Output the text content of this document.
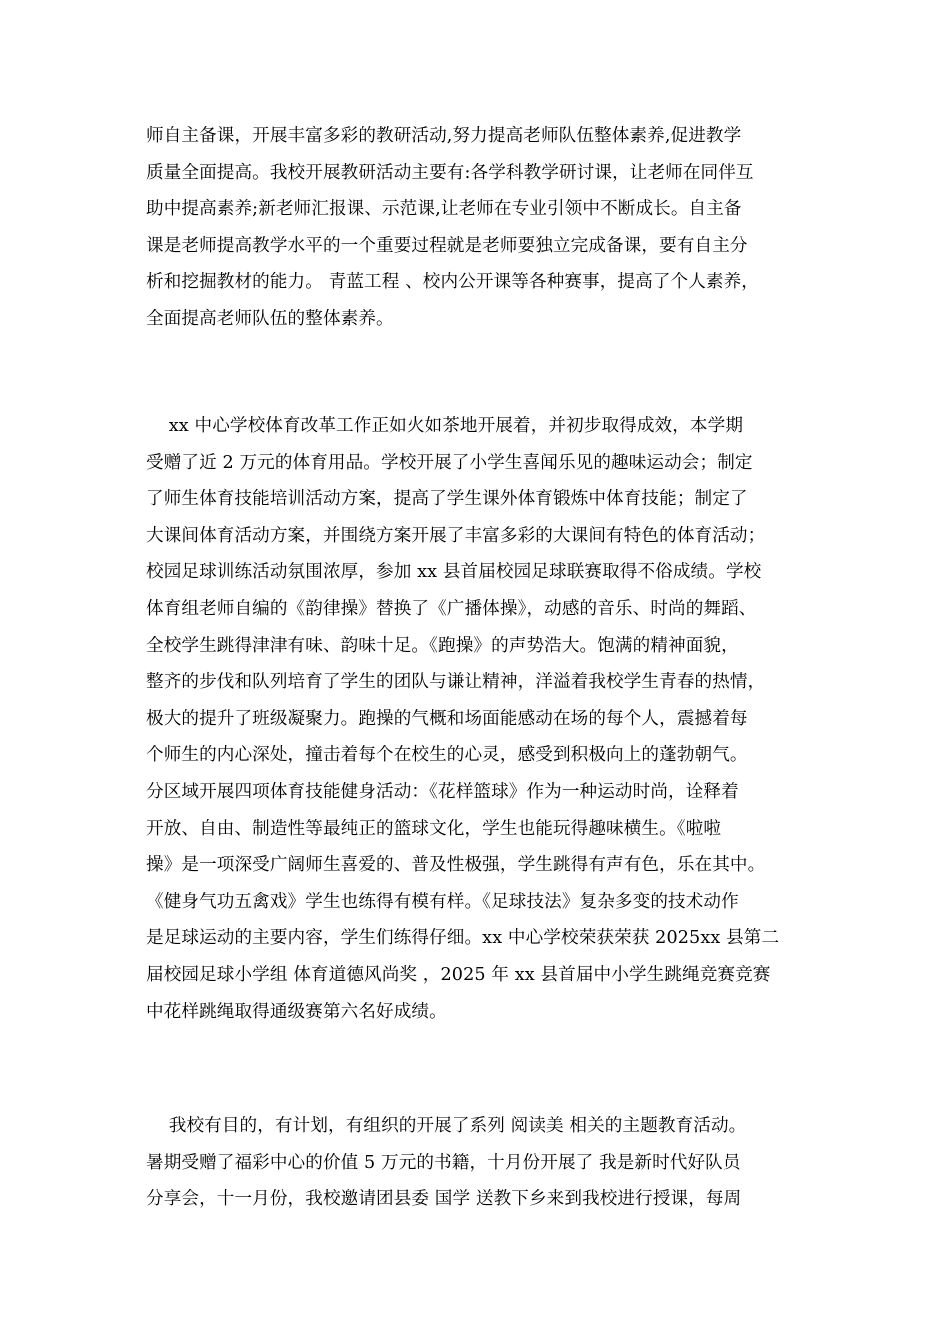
师自主备课，开展丰富多彩的教研活动,努力提高老师队伍整体素养,促进教学
质量全面提高。我校开展教研活动主要有:各学科教学研讨课，让老师在同伴互
助中提高素养;新老师汇报课、示范课,让老师在专业引领中不断成长。自主备
课是老师提高教学水平的一个重要过程就是老师要独立完成备课，要有自主分
析和挖掘教材的能力。 青蓝工程 、校内公开课等各种赛事，提高了个人素养，
全面提高老师队伍的整体素养。

xx 中心学校体育改革工作正如火如茶地开展着，并初步取得成效，本学期
受赠了近 2 万元的体育用品。学校开展了小学生喜闻乐见的趣味运动会；制定
了师生体育技能培训活动方案，提高了学生课外体育锻炼中体育技能；制定了
大课间体育活动方案，并围绕方案开展了丰富多彩的大课间有特色的体育活动；
校园足球训练活动氛围浓厚，参加 xx 县首届校园足球联赛取得不俗成绩。学校
体育组老师自编的《韵律操》替换了《广播体操》，动感的音乐、时尚的舞蹈、
全校学生跳得津津有味、韵味十足。《跑操》的声势浩大。饱满的精神面貌，
整齐的步伐和队列培育了学生的团队与谦让精神，洋溢着我校学生青春的热情，
极大的提升了班级凝聚力。跑操的气概和场面能感动在场的每个人，震撼着每
个师生的内心深处，撞击着每个在校生的心灵，感受到积极向上的蓬勃朝气。
分区域开展四项体育技能健身活动：《花样篮球》作为一种运动时尚，诠释着
开放、自由、制造性等最纯正的篮球文化，学生也能玩得趣味横生。《啦啦
操》是一项深受广阔师生喜爱的、普及性极强，学生跳得有声有色，乐在其中。
《健身气功五禽戏》学生也练得有模有样。《足球技法》复杂多变的技术动作
是足球运动的主要内容，学生们练得仔细。xx 中心学校荣获荣获 2025xx 县第二
届校园足球小学组 体育道德风尚奖 ，2025 年 xx 县首届中小学生跳绳竞赛竞赛
中花样跳绳取得通级赛第六名好成绩。

我校有目的，有计划，有组织的开展了系列 阅读美 相关的主题教育活动。
暑期受赠了福彩中心的价值 5 万元的书籍，十月份开展了 我是新时代好队员
分享会，十一月份，我校邀请团县委 国学 送教下乡来到我校进行授课，每周
